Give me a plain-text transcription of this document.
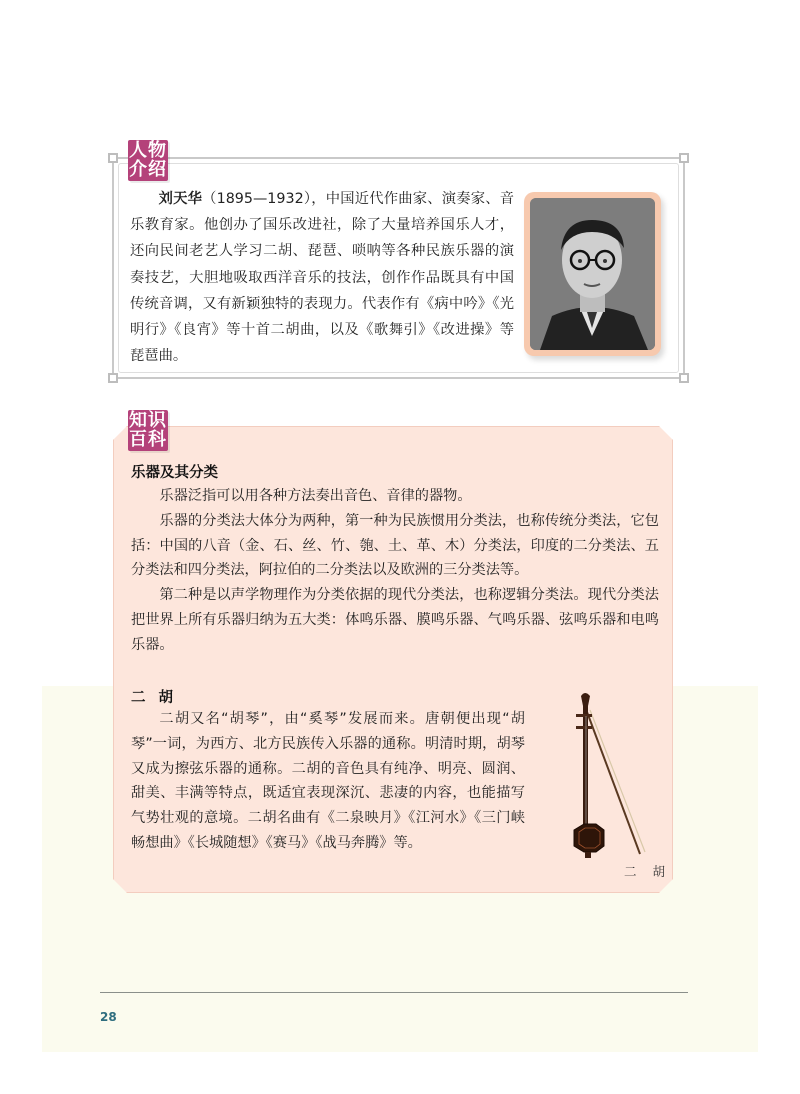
人物
介绍

刘天华（1895—1932），中国近代作曲家、演奏家、音乐教育家。他创办了国乐改进社，除了大量培养国乐人才，还向民间老艺人学习二胡、琵琶、唢呐等各种民族乐器的演奏技艺，大胆地吸取西洋音乐的技法，创作作品既具有中国传统音调，又有新颖独特的表现力。代表作有《病中吟》《光明行》《良宵》等十首二胡曲，以及《歌舞引》《改进操》等琵琶曲。

知识
百科
乐器及其分类

乐器泛指可以用各种方法奏出音色、音律的器物。

乐器的分类法大体分为两种，第一种为民族惯用分类法，也称传统分类法，它包括：中国的八音（金、石、丝、竹、匏、土、革、木）分类法，印度的二分类法、五分类法和四分类法，阿拉伯的二分类法以及欧洲的三分类法等。

第二种是以声学物理作为分类依据的现代分类法，也称逻辑分类法。现代分类法把世界上所有乐器归纳为五大类：体鸣乐器、膜鸣乐器、气鸣乐器、弦鸣乐器和电鸣乐器。

二 胡

二胡又名“胡琴”，由“奚琴”发展而来。唐朝便出现“胡琴”一词，为西方、北方民族传入乐器的通称。明清时期，胡琴又成为擦弦乐器的通称。二胡的音色具有纯净、明亮、圆润、甜美、丰满等特点，既适宜表现深沉、悲凄的内容，也能描写气势壮观的意境。二胡名曲有《二泉映月》《江河水》《三门峡畅想曲》《长城随想》《赛马》《战马奔腾》等。

二 胡
28
